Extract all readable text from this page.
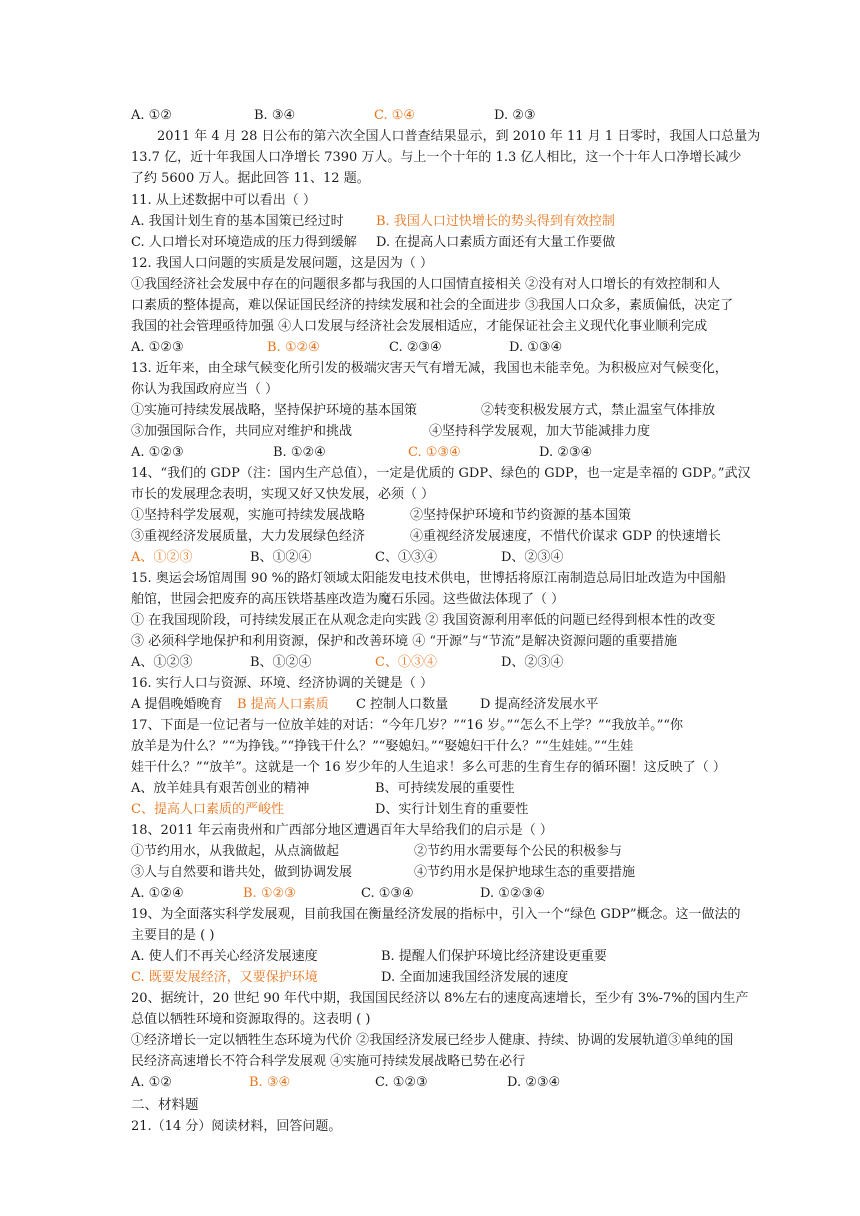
A. ①②	B. ③④	C. ①④	D. ②③
2011 年 4 月 28 日公布的第六次全国人口普查结果显示，到 2010 年 11 月 1 日零时，我国人口总量为
13.7 亿，近十年我国人口净增长 7390 万人。与上一个十年的 1.3 亿人相比，这一个十年人口净增长减少
了约 5600 万人。据此回答 11、12 题。
11. 从上述数据中可以看出（ ）
A. 我国计划生育的基本国策已经过时 B. 我国人口过快增长的势头得到有效控制
C. 人口增长对环境造成的压力得到缓解 D. 在提高人口素质方面还有大量工作要做
12. 我国人口问题的实质是发展问题，这是因为（ ）
①我国经济社会发展中存在的问题很多都与我国的人口国情直接相关 ②没有对人口增长的有效控制和人
口素质的整体提高，难以保证国民经济的持续发展和社会的全面进步 ③我国人口众多，素质偏低，决定了
我国的社会管理亟待加强 ④人口发展与经济社会发展相适应，才能保证社会主义现代化事业顺利完成
A. ①②③	B. ①②④	C. ②③④	D. ①③④
13. 近年来，由全球气候变化所引发的极端灾害天气有增无减，我国也未能幸免。为积极应对气候变化，
你认为我国政府应当（ ）
①实施可持续发展战略，坚持保护环境的基本国策	②转变积极发展方式，禁止温室气体排放
③加强国际合作，共同应对维护和挑战	④坚持科学发展观，加大节能减排力度
A. ①②③	B. ①②④	C. ①③④	D. ②③④
14、“我们的 GDP（注：国内生产总值），一定是优质的 GDP、绿色的 GDP，也一定是幸福的 GDP。”武汉
市长的发展理念表明，实现又好又快发展，必须（ ）
①坚持科学发展观，实施可持续发展战略	②坚持保护环境和节约资源的基本国策
③重视经济发展质量，大力发展绿色经济	④重视经济发展速度，不惜代价谋求 GDP 的快速增长
A、①②③	B、①②④	C、①③④	D、②③④
15. 奥运会场馆周围 90 %的路灯领域太阳能发电技术供电，世博括将原江南制造总局旧址改造为中国船
舶馆，世园会把废弃的高压铁塔基座改造为魔石乐园。这些做法体现了（ ）
① 在我国现阶段，可持续发展正在从观念走向实践 ② 我国资源利用率低的问题已经得到根本性的改变
③ 必须科学地保护和利用资源，保护和改善环境 ④ “开源”与“节流”是解决资源问题的重要措施
A、①②③	B、①②④	C、①③④	D、②③④
16. 实行人口与资源、环境、经济协调的关键是（ ）
A 提倡晚婚晚育 B 提高人口素质 C 控制人口数量 D 提高经济发展水平
17、下面是一位记者与一位放羊娃的对话：“今年几岁？”“16 岁。”“怎么不上学？”“我放羊。”“你
放羊是为什么？”“为挣钱。”“挣钱干什么？”“娶媳妇。”“娶媳妇干什么？”“生娃娃。”“生娃
娃干什么？”“放羊”。这就是一个 16 岁少年的人生追求！多么可悲的生育生存的循环圈！这反映了（ ）
A、放羊娃具有艰苦创业的精神	B、可持续发展的重要性
C、提高人口素质的严峻性	D、实行计划生育的重要性
18、2011 年云南贵州和广西部分地区遭遇百年大旱给我们的启示是（ ）
①节约用水，从我做起，从点滴做起	②节约用水需要每个公民的积极参与
③人与自然要和谐共处，做到协调发展	④节约用水是保护地球生态的重要措施
A. ①②④	B. ①②③	C. ①③④	D. ①②③④
19、为全面落实科学发展观，目前我国在衡量经济发展的指标中，引入一个“绿色 GDP”概念。这一做法的
主要目的是 ( )
A. 使人们不再关心经济发展速度	B. 提醒人们保护环境比经济建设更重要
C. 既要发展经济，又要保护环境	D. 全面加速我国经济发展的速度
20、据统计，20 世纪 90 年代中期，我国国民经济以 8%左右的速度高速增长，至少有 3%-7%的国内生产
总值以牺牲环境和资源取得的。这表明 ( )
①经济增长一定以牺牲生态环境为代价 ②我国经济发展已经步人健康、持续、协调的发展轨道③单纯的国
民经济高速增长不符合科学发展观 ④实施可持续发展战略已势在必行
A. ①②	B. ③④	C. ①②③	D. ②③④
二、材料题
21.（14 分）阅读材料，回答问题。
